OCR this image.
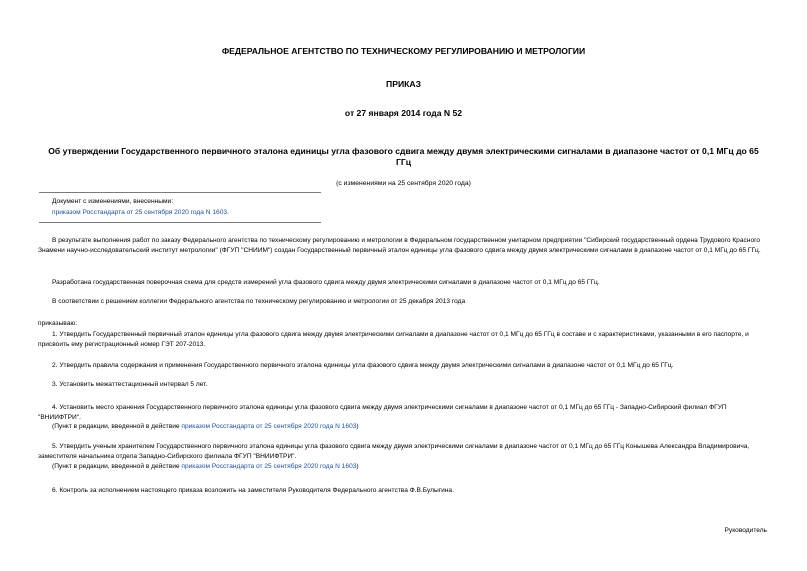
ФЕДЕРАЛЬНОЕ АГЕНТСТВО ПО ТЕХНИЧЕСКОМУ РЕГУЛИРОВАНИЮ И МЕТРОЛОГИИ
ПРИКАЗ
от 27 января 2014 года N 52
Об утверждении Государственного первичного эталона единицы угла фазового сдвига между двумя электрическими сигналами в диапазоне частот от 0,1 МГц до 65 ГГц
(с изменениями на 25 сентября 2020 года)
Документ с изменениями, внесенными:
приказом Росстандарта от 25 сентября 2020 года N 1603.
В результате выполнения работ по заказу Федерального агентства по техническому регулированию и метрологии в Федеральном государственном унитарном предприятии "Сибирский государственный ордена Трудового Красного Знамени научно-исследовательский институт метрологии" (ФГУП "СНИИМ") создан Государственный первичный эталон единицы угла фазового сдвига между двумя электрическими сигналами в диапазоне частот от 0,1 МГц до 65 ГГц.
Разработана государственная поверочная схема для средств измерений угла фазового сдвига между двумя электрическими сигналами в диапазоне частот от 0,1 МГц до 65 ГГц.
В соответствии с решением коллегии Федерального агентства по техническому регулированию и метрологии от 25 декабря 2013 года
приказываю:
1. Утвердить Государственный первичный эталон единицы угла фазового сдвига между двумя электрическими сигналами в диапазоне частот от 0,1 МГц до 65 ГГц в составе и с характеристиками, указанными в его паспорте, и присвоить ему регистрационный номер ГЭТ 207-2013.
2. Утвердить правила содержания и применения Государственного первичного эталона единицы угла фазового сдвига между двумя электрическими сигналами в диапазоне частот от 0,1 МГц до 65 ГГц.
3. Установить межаттестационный интервал 5 лет.
4. Установить место хранения Государственного первичного эталона единицы угла фазового сдвига между двумя электрическими сигналами в диапазоне частот от 0,1 МГц до 65 ГГц - Западно-Сибирский филиал ФГУП "ВНИИФТРИ".
(Пункт в редакции, введенной в действие приказом Росстандарта от 25 сентября 2020 года N 1603)
5. Утвердить ученым хранителем Государственного первичного эталона единицы угла фазового сдвига между двумя электрическими сигналами в диапазоне частот от 0,1 МГц до 65 ГГц Конышева Александра Владимировича, заместителя начальника отдела Западно-Сибирского филиала ФГУП "ВНИИФТРИ".
(Пункт в редакции, введенной в действие приказом Росстандарта от 25 сентября 2020 года N 1603)
6. Контроль за исполнением настоящего приказа возложить на заместителя Руководителя Федерального агентства Ф.В.Булыгина.
Руководитель
